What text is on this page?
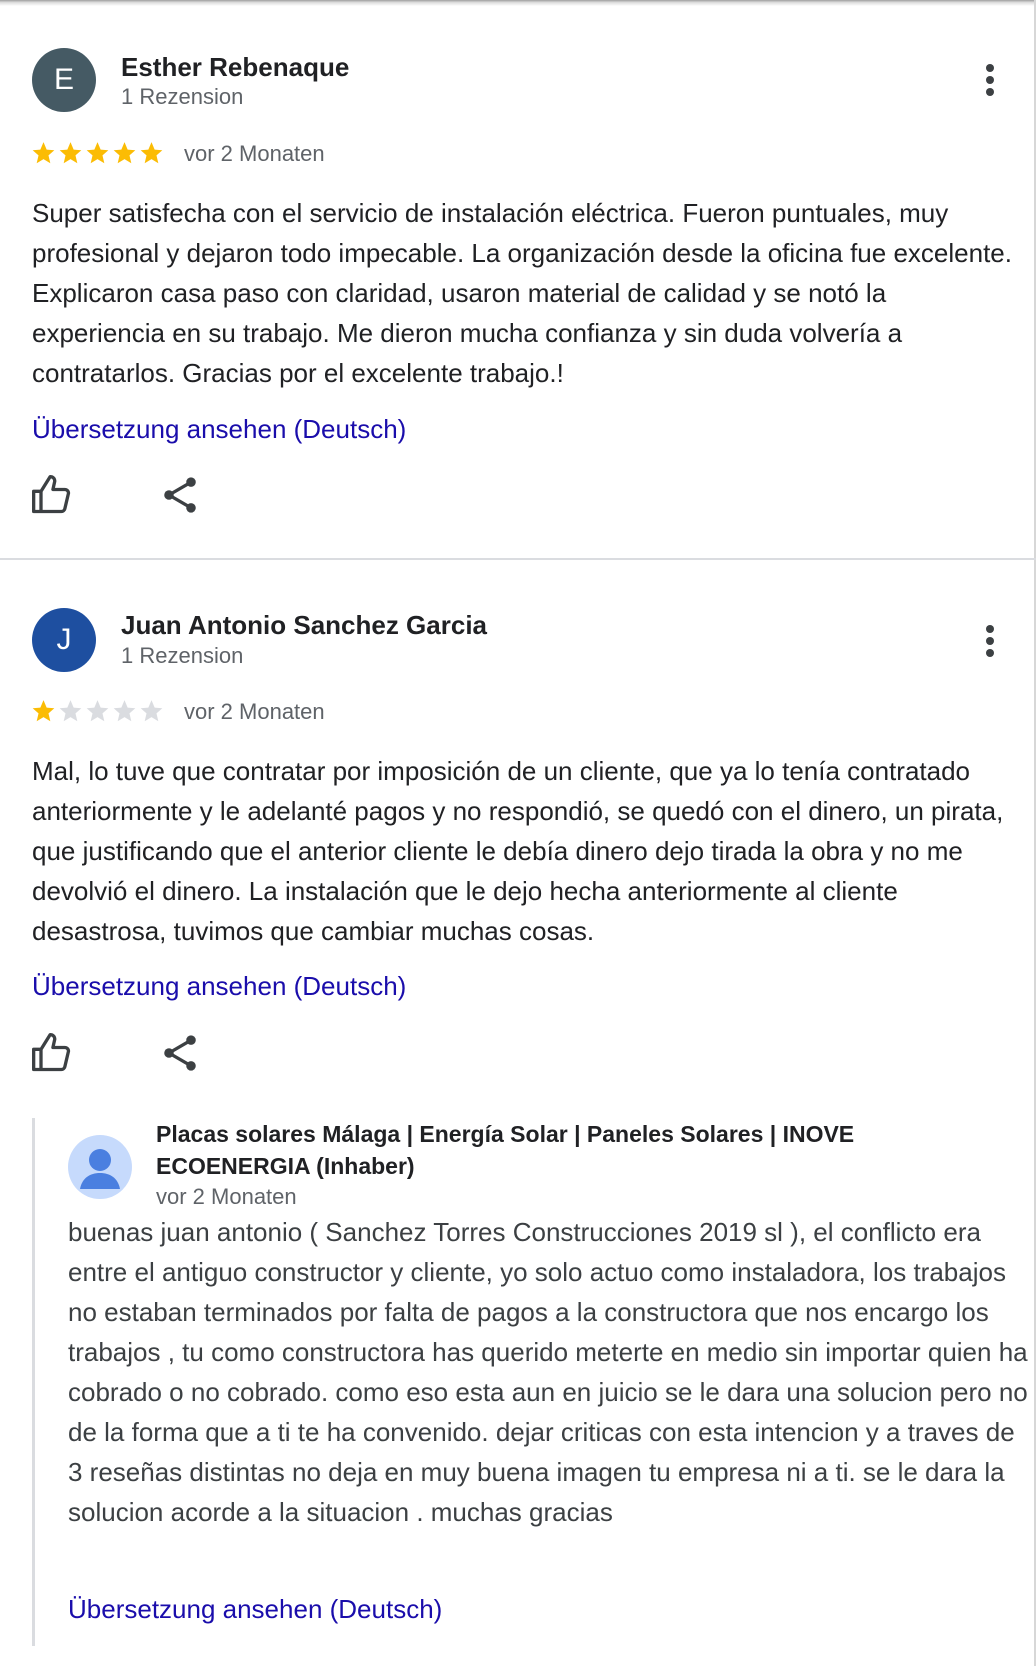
E	Esther Rebenaque
1 Rezension
vor 2 Monaten
Super satisfecha con el servicio de instalación eléctrica. Fueron puntuales, muy profesional y dejaron todo impecable. La organización desde la oficina fue excelente. Explicaron casa paso con claridad, usaron material de calidad y se notó la experiencia en su trabajo. Me dieron mucha confianza y sin duda volvería a contratarlos. Gracias por el excelente trabajo.!
Übersetzung ansehen (Deutsch)
J	Juan Antonio Sanchez Garcia
1 Rezension
vor 2 Monaten
Mal, lo tuve que contratar por imposición de un cliente, que ya lo tenía contratado anteriormente y le adelanté pagos y no respondió, se quedó con el dinero, un pirata, que justificando que el anterior cliente le debía dinero dejo tirada la obra y no me devolvió el dinero. La instalación que le dejo hecha anteriormente al cliente desastrosa, tuvimos que cambiar muchas cosas.
Übersetzung ansehen (Deutsch)
Placas solares Málaga | Energía Solar | Paneles Solares | INOVE ECOENERGIA (Inhaber)
vor 2 Monaten
buenas juan antonio ( Sanchez Torres Construcciones 2019 sl ), el conflicto era entre el antiguo constructor y cliente, yo solo actuo como instaladora, los trabajos no estaban terminados por falta de pagos a la constructora que nos encargo los trabajos , tu como constructora has querido meterte en medio sin importar quien ha cobrado o no cobrado. como eso esta aun en juicio se le dara una solucion pero no de la forma que a ti te ha convenido. dejar criticas con esta intencion y a traves de 3 reseñas distintas no deja en muy buena imagen tu empresa ni a ti. se le dara la solucion acorde a la situacion . muchas gracias
Übersetzung ansehen (Deutsch)
